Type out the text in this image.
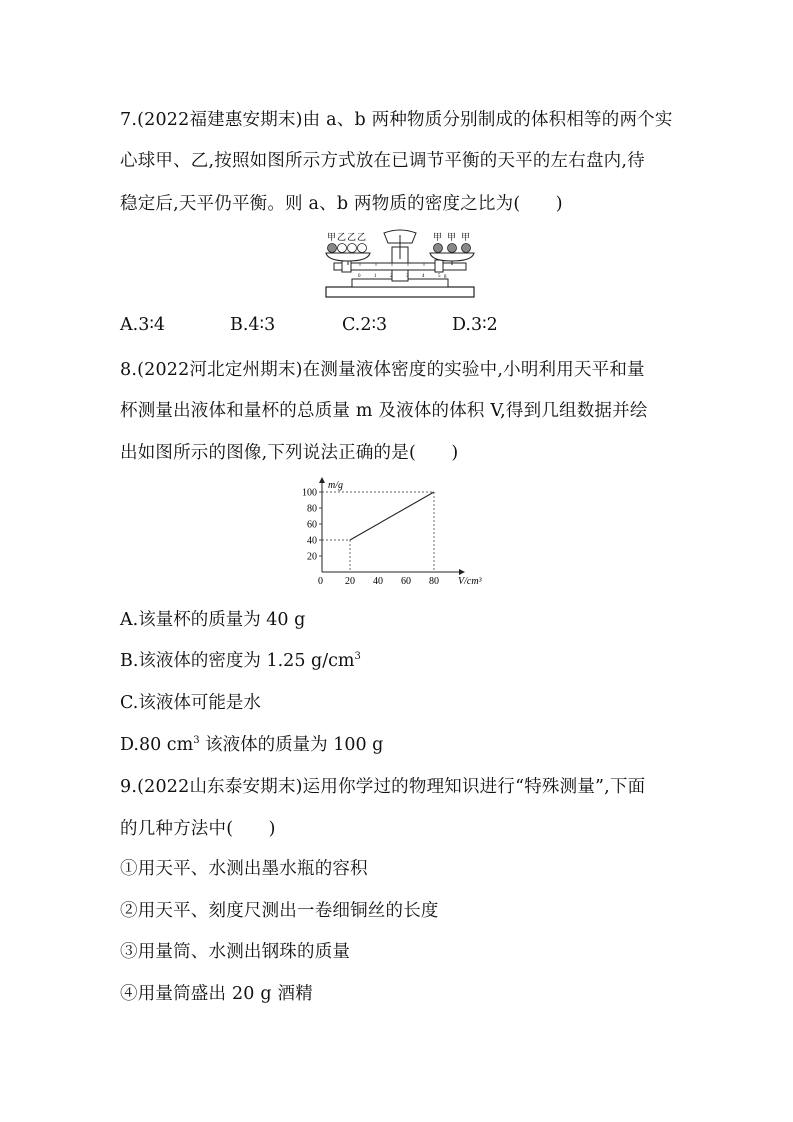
7.(2022福建惠安期末)由 a、b 两种物质分别制成的体积相等的两个实
心球甲、乙,按照如图所示方式放在已调节平衡的天平的左右盘内,待
稳定后,天平仍平衡。则 a、b 两物质的密度之比为(　　)
0	1	2	3	4	5 g
甲 乙 乙 乙	甲 甲 甲
A.3∶4	B.4∶3	C.2∶3	D.3∶2
8.(2022河北定州期末)在测量液体密度的实验中,小明利用天平和量
杯测量出液体和量杯的总质量 m 及液体的体积 V,得到几组数据并绘
出如图所示的图像,下列说法正确的是(　　)
m/g
V/cm³
0 20 40 60 80
20
40
60
80
100
A.该量杯的质量为 40 g
B.该液体的密度为 1.25 $g/cm^3$
C.该液体可能是水
D.80 $cm^3$ 该液体的质量为 100 g
9.(2022山东泰安期末)运用你学过的物理知识进行“特殊测量”,下面
的几种方法中(　　)
①用天平、水测出墨水瓶的容积
②用天平、刻度尺测出一卷细铜丝的长度
③用量筒、水测出钢珠的质量
④用量筒盛出 20 g 酒精
